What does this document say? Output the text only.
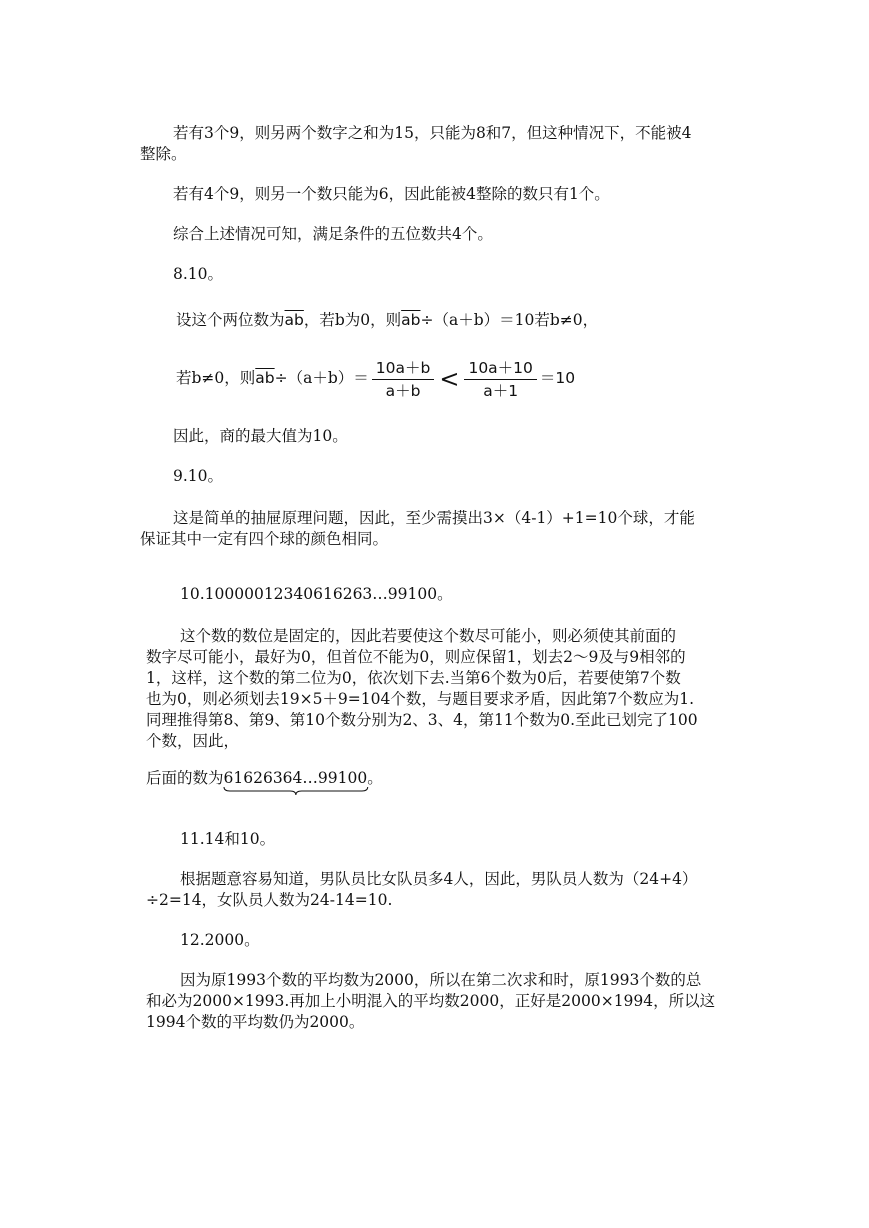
若有3个9，则另两个数字之和为15，只能为8和7，但这种情况下，不能被4
整除。
若有4个9，则另一个数只能为6，因此能被4整除的数只有1个。
综合上述情况可知，满足条件的五位数共4个。
8.10。
设这个两位数为$\overline{ab}$，若b为0，则$\overline{ab}\div(a+b)=10$若b≠0，
若b≠0，则$\overline{ab}\div(a+b)= \frac{10a+b}{a+b} < \frac{10a+10}{a+1} =10$
因此，商的最大值为10。
9.10。
这是简单的抽屉原理问题，因此，至少需摸出3×（4-1）+1=10个球，才能
保证其中一定有四个球的颜色相同。
10.10000012340616263…99100。
这个数的数位是固定的，因此若要使这个数尽可能小，则必须使其前面的
数字尽可能小，最好为0，但首位不能为0，则应保留1，划去2～9及与9相邻的
1，这样，这个数的第二位为0，依次划下去.当第6个数为0后，若要使第7个数
也为0，则必须划去19×5＋9=104个数，与题目要求矛盾，因此第7个数应为1.
同理推得第8、第9、第10个数分别为2、3、4，第11个数为0.至此已划完了100
个数，因此，
后面的数为61626364…99100
。
11.14和10。
根据题意容易知道，男队员比女队员多4人，因此，男队员人数为（24+4）
÷2=14，女队员人数为24-14=10.
12.2000。
因为原1993个数的平均数为2000，所以在第二次求和时，原1993个数的总
和必为2000×1993.再加上小明混入的平均数2000，正好是2000×1994，所以这
1994个数的平均数仍为2000。
